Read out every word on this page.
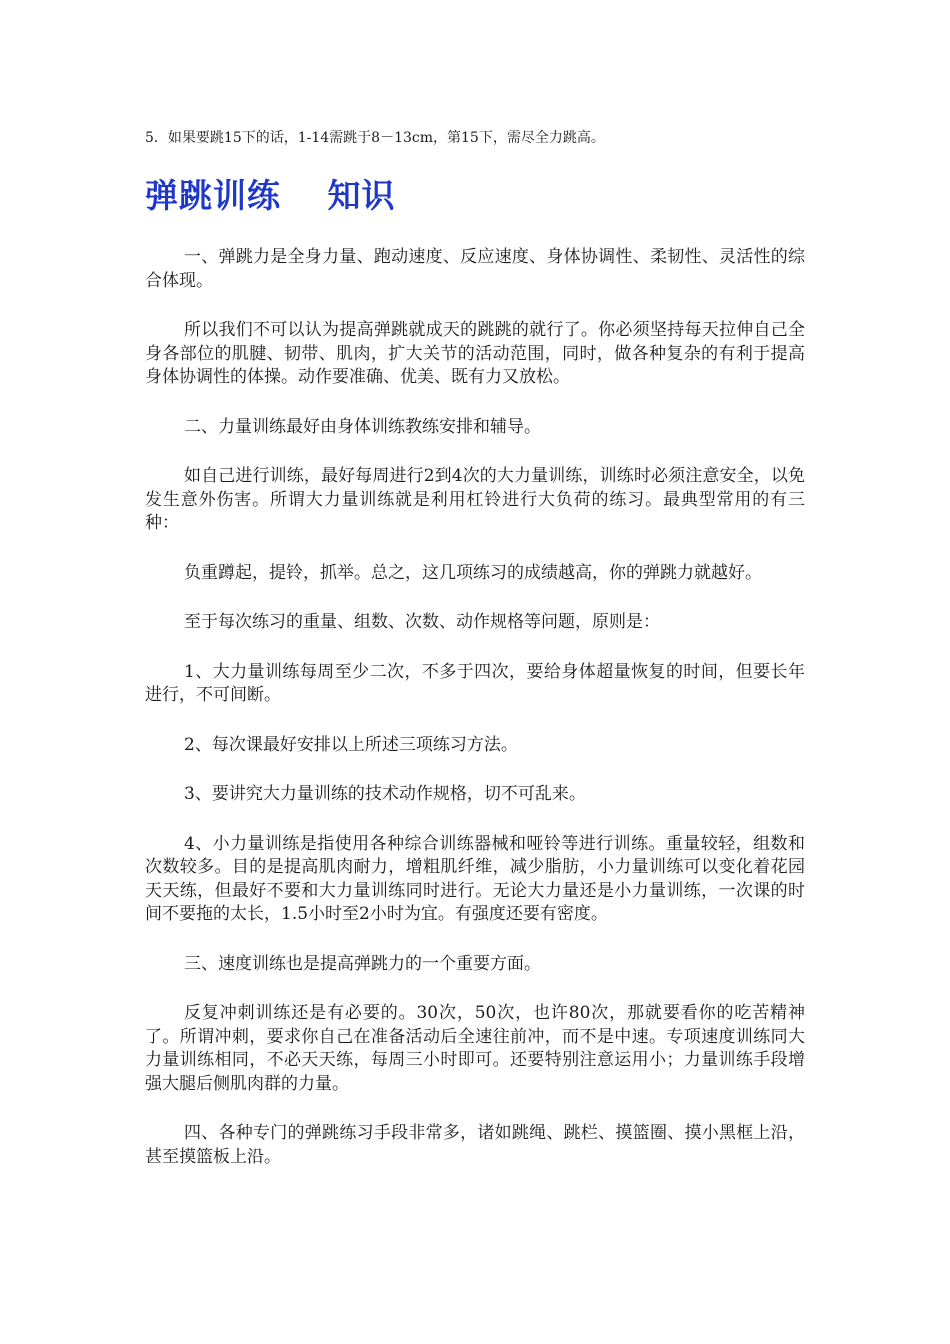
5．如果要跳15下的话，1-14需跳于8－13cm，第15下，需尽全力跳高。
弹跳训练　 知识

一、弹跳力是全身力量、跑动速度、反应速度、身体协调性、柔韧性、灵活性的综合体现。

所以我们不可以认为提高弹跳就成天的跳跳的就行了。你必须坚持每天拉伸自己全身各部位的肌腱、韧带、肌肉，扩大关节的活动范围，同时，做各种复杂的有利于提高身体协调性的体操。动作要准确、优美、既有力又放松。

二、力量训练最好由身体训练教练安排和辅导。

如自己进行训练，最好每周进行2到4次的大力量训练，训练时必须注意安全，以免发生意外伤害。所谓大力量训练就是利用杠铃进行大负荷的练习。最典型常用的有三种：

负重蹲起，提铃，抓举。总之，这几项练习的成绩越高，你的弹跳力就越好。

至于每次练习的重量、组数、次数、动作规格等问题，原则是：

1、大力量训练每周至少二次，不多于四次，要给身体超量恢复的时间，但要长年进行，不可间断。

2、每次课最好安排以上所述三项练习方法。

3、要讲究大力量训练的技术动作规格，切不可乱来。

4、小力量训练是指使用各种综合训练器械和哑铃等进行训练。重量较轻，组数和次数较多。目的是提高肌肉耐力，增粗肌纤维，减少脂肪，小力量训练可以变化着花园天天练，但最好不要和大力量训练同时进行。无论大力量还是小力量训练，一次课的时间不要拖的太长，1.5小时至2小时为宜。有强度还要有密度。

三、速度训练也是提高弹跳力的一个重要方面。

反复冲刺训练还是有必要的。30次，50次，也许80次，那就要看你的吃苦精神了。所谓冲刺，要求你自己在准备活动后全速往前冲，而不是中速。专项速度训练同大力量训练相同，不必天天练，每周三小时即可。还要特别注意运用小；力量训练手段增强大腿后侧肌肉群的力量。

四、各种专门的弹跳练习手段非常多，诸如跳绳、跳栏、摸篮圈、摸小黑框上沿，甚至摸篮板上沿。
